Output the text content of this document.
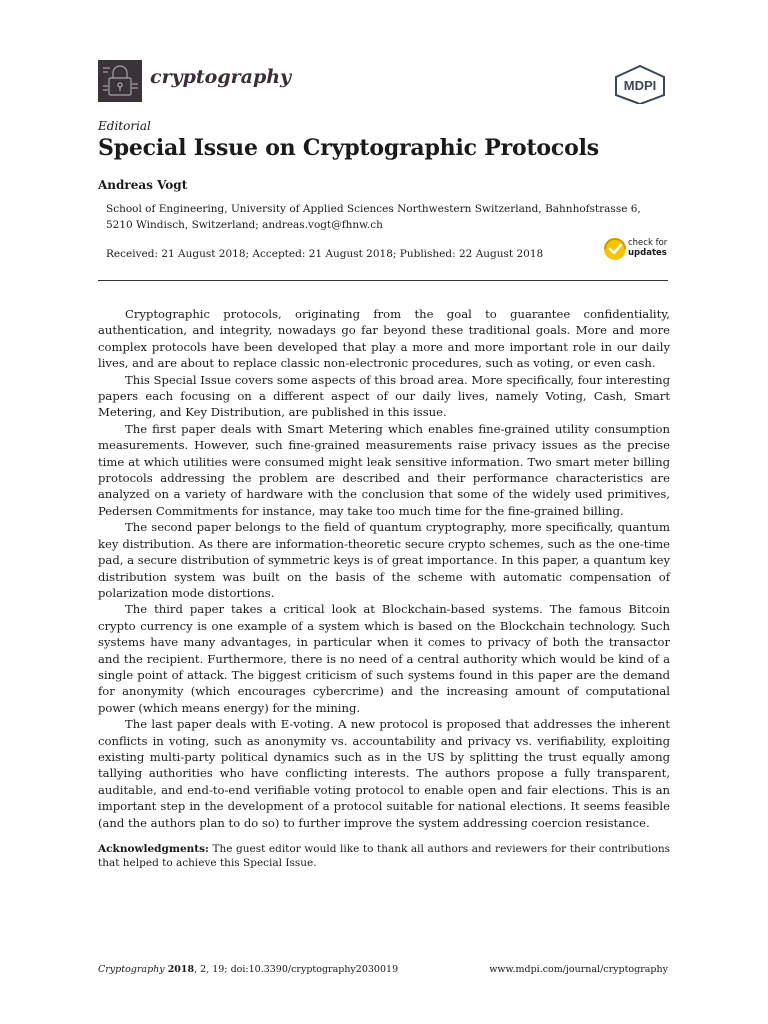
cryptography	MDPI
Editorial
Special Issue on Cryptographic Protocols
Andreas Vogt
School of Engineering, University of Applied Sciences Northwestern Switzerland, Bahnhofstrasse 6,
5210 Windisch, Switzerland; andreas.vogt@fhnw.ch
Received: 21 August 2018; Accepted: 21 August 2018; Published: 22 August 2018
check for
updates

Cryptographic protocols, originating from the goal to guarantee confidentiality, authentication, and integrity, nowadays go far beyond these traditional goals. More and more complex protocols have been developed that play a more and more important role in our daily lives, and are about to replace classic non-electronic procedures, such as voting, or even cash.

This Special Issue covers some aspects of this broad area. More specifically, four interesting papers each focusing on a different aspect of our daily lives, namely Voting, Cash, Smart Metering, and Key Distribution, are published in this issue.

The first paper deals with Smart Metering which enables fine-grained utility consumption measurements. However, such fine-grained measurements raise privacy issues as the precise time at which utilities were consumed might leak sensitive information. Two smart meter billing protocols addressing the problem are described and their performance characteristics are analyzed on a variety of hardware with the conclusion that some of the widely used primitives, Pedersen Commitments for instance, may take too much time for the fine-grained billing.

The second paper belongs to the field of quantum cryptography, more specifically, quantum key distribution. As there are information-theoretic secure crypto schemes, such as the one-time pad, a secure distribution of symmetric keys is of great importance. In this paper, a quantum key distribution system was built on the basis of the scheme with automatic compensation of polarization mode distortions.

The third paper takes a critical look at Blockchain-based systems. The famous Bitcoin crypto currency is one example of a system which is based on the Blockchain technology. Such systems have many advantages, in particular when it comes to privacy of both the transactor and the recipient. Furthermore, there is no need of a central authority which would be kind of a single point of attack. The biggest criticism of such systems found in this paper are the demand for anonymity (which encourages cybercrime) and the increasing amount of computational power (which means energy) for the mining.

The last paper deals with E-voting. A new protocol is proposed that addresses the inherent conflicts in voting, such as anonymity vs. accountability and privacy vs. verifiability, exploiting existing multi-party political dynamics such as in the US by splitting the trust equally among tallying authorities who have conflicting interests. The authors propose a fully transparent, auditable, and end-to-end verifiable voting protocol to enable open and fair elections. This is an important step in the development of a protocol suitable for national elections. It seems feasible (and the authors plan to do so) to further improve the system addressing coercion resistance.

Acknowledgments: The guest editor would like to thank all authors and reviewers for their contributions that helped to achieve this Special Issue.
Cryptography 2018, 2, 19; doi:10.3390/cryptography2030019	www.mdpi.com/journal/cryptography
